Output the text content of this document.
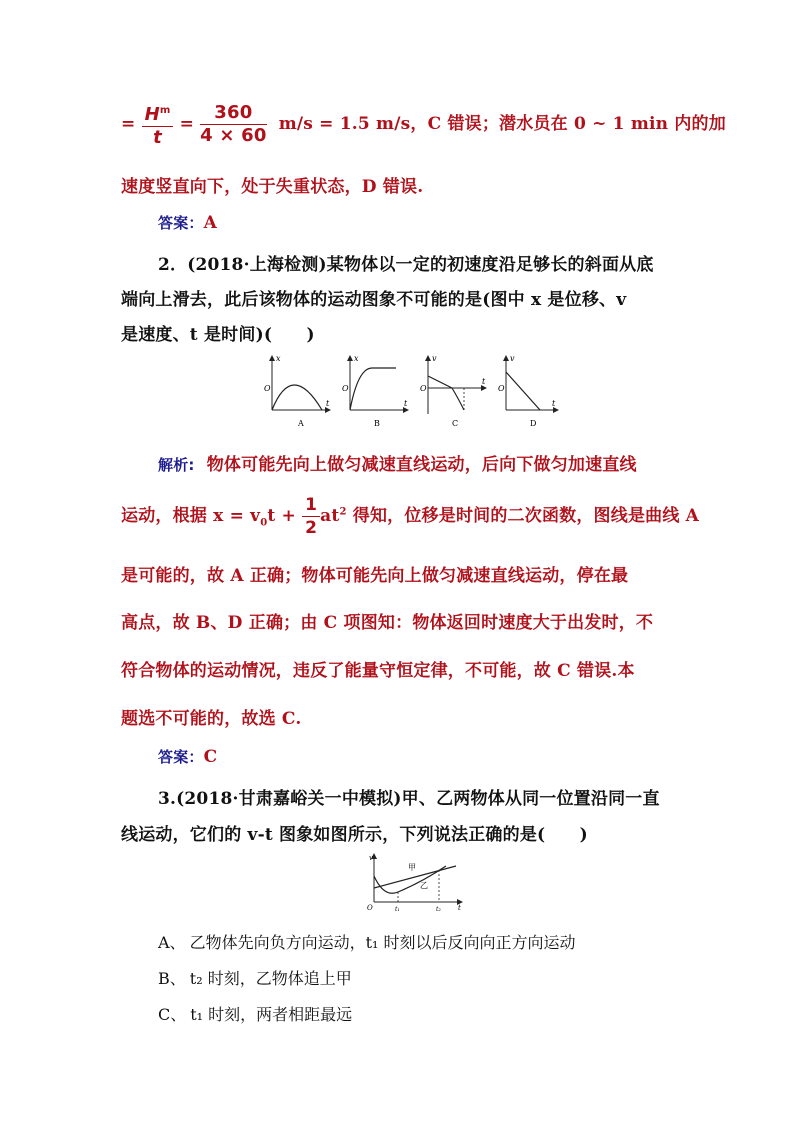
= $\frac{H^m}{t} = \frac{360}{4 \times 60} m/s = 1.5$ m/s，C 错误；潜水员在 0 ~ 1 min 内的加
速度竖直向下，处于失重状态，D 错误.
答案：A
2．(2018·上海检测)某物体以一定的初速度沿足够长的斜面从底
端向上滑去，此后该物体的运动图象不可能的是(图中 x 是位移、v
是速度、t 是时间)(　　)
x
t
O
A
x
t
O
B
v
t
O
C
v
t
O
D
解析: 物体可能先向上做匀减速直线运动，后向下做匀加速直线
运动，根据 $x = v_0t + \frac{1}{2} at^2$ 得知，位移是时间的二次函数，图线是曲线 A
是可能的，故 A 正确；物体可能先向上做匀减速直线运动，停在最
高点，故 B、D 正确；由 C 项图知：物体返回时速度大于出发时，不
符合物体的运动情况，违反了能量守恒定律，不可能，故 C 错误.本
题选不可能的，故选 C.
答案：C
3.(2018·甘肃嘉峪关一中模拟)甲、乙两物体从同一位置沿同一直
线运动，它们的 v-t 图象如图所示，下列说法正确的是(　　)
v
t
O	t₁	t₂
甲
乙
A、 乙物体先向负方向运动，t₁ 时刻以后反向向正方向运动
B、 t₂ 时刻，乙物体追上甲
C、 t₁ 时刻，两者相距最远
